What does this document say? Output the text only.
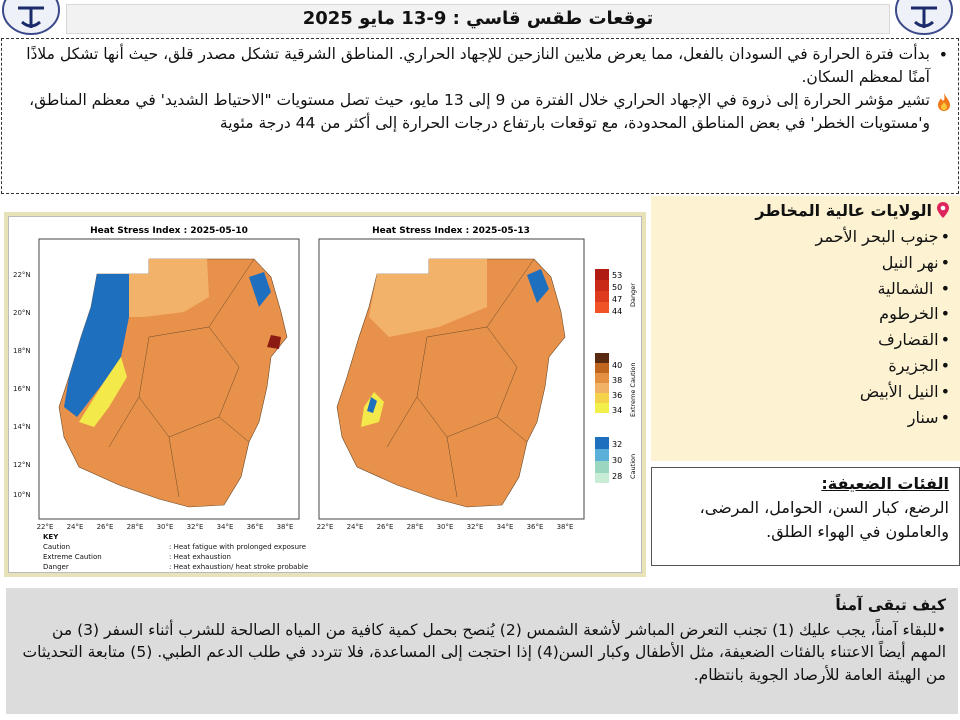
توقعات طقس قاسي : 9-13 مايو 2025
•
بدأت فترة الحرارة في السودان بالفعل، مما يعرض ملايين النازحين للإجهاد الحراري. المناطق الشرقية تشكل مصدر قلق، حيث أنها تشكل ملاذًا آمنًا لمعظم السكان.
تشير مؤشر الحرارة إلى ذروة في الإجهاد الحراري خلال الفترة من 9 إلى 13 مايو، حيث تصل مستويات "الاحتياط الشديد' في معظم المناطق، و'مستويات الخطر' في بعض المناطق المحدودة، مع توقعات بارتفاع درجات الحرارة إلى أكثر من 44 درجة مئوية
Heat Stress Index : 2025-05-10	Heat Stress Index : 2025-05-13
22°N
20°N
18°N
16°N
14°N
12°N
10°N
22°E 24°E 26°E 28°E 30°E 32°E 34°E 36°E 38°E	22°E 24°E 26°E 28°E 30°E 32°E 34°E 36°E 38°E
53
50
47
44
Danger
40
38
36
34 Extreme Caution
32
30
28 Caution
KEY
Caution	: Heat fatigue with prolonged exposure
Extreme Caution	: Heat exhaustion
Danger	: Heat exhaustion/ heat stroke probable
الولايات عالية المخاطر
• جنوب البحر الأحمر
• نهر النيل
• الشمالية
• الخرطوم
• القضارف
• الجزيرة
• النيل الأبيض
• سنار
الفئات الضعيفة:
الرضع، كبار السن، الحوامل، المرضى، والعاملون في الهواء الطلق.
كيف تبقى آمناً
•للبقاء آمناً، يجب عليك (1) تجنب التعرض المباشر لأشعة الشمس (2) يُنصح بحمل كمية كافية من المياه الصالحة للشرب أثناء السفر (3) من المهم أيضاً الاعتناء بالفئات الضعيفة، مثل الأطفال وكبار السن(4) إذا احتجت إلى المساعدة، فلا تتردد في طلب الدعم الطبي. (5) متابعة التحديثات من الهيئة العامة للأرصاد الجوية بانتظام.
